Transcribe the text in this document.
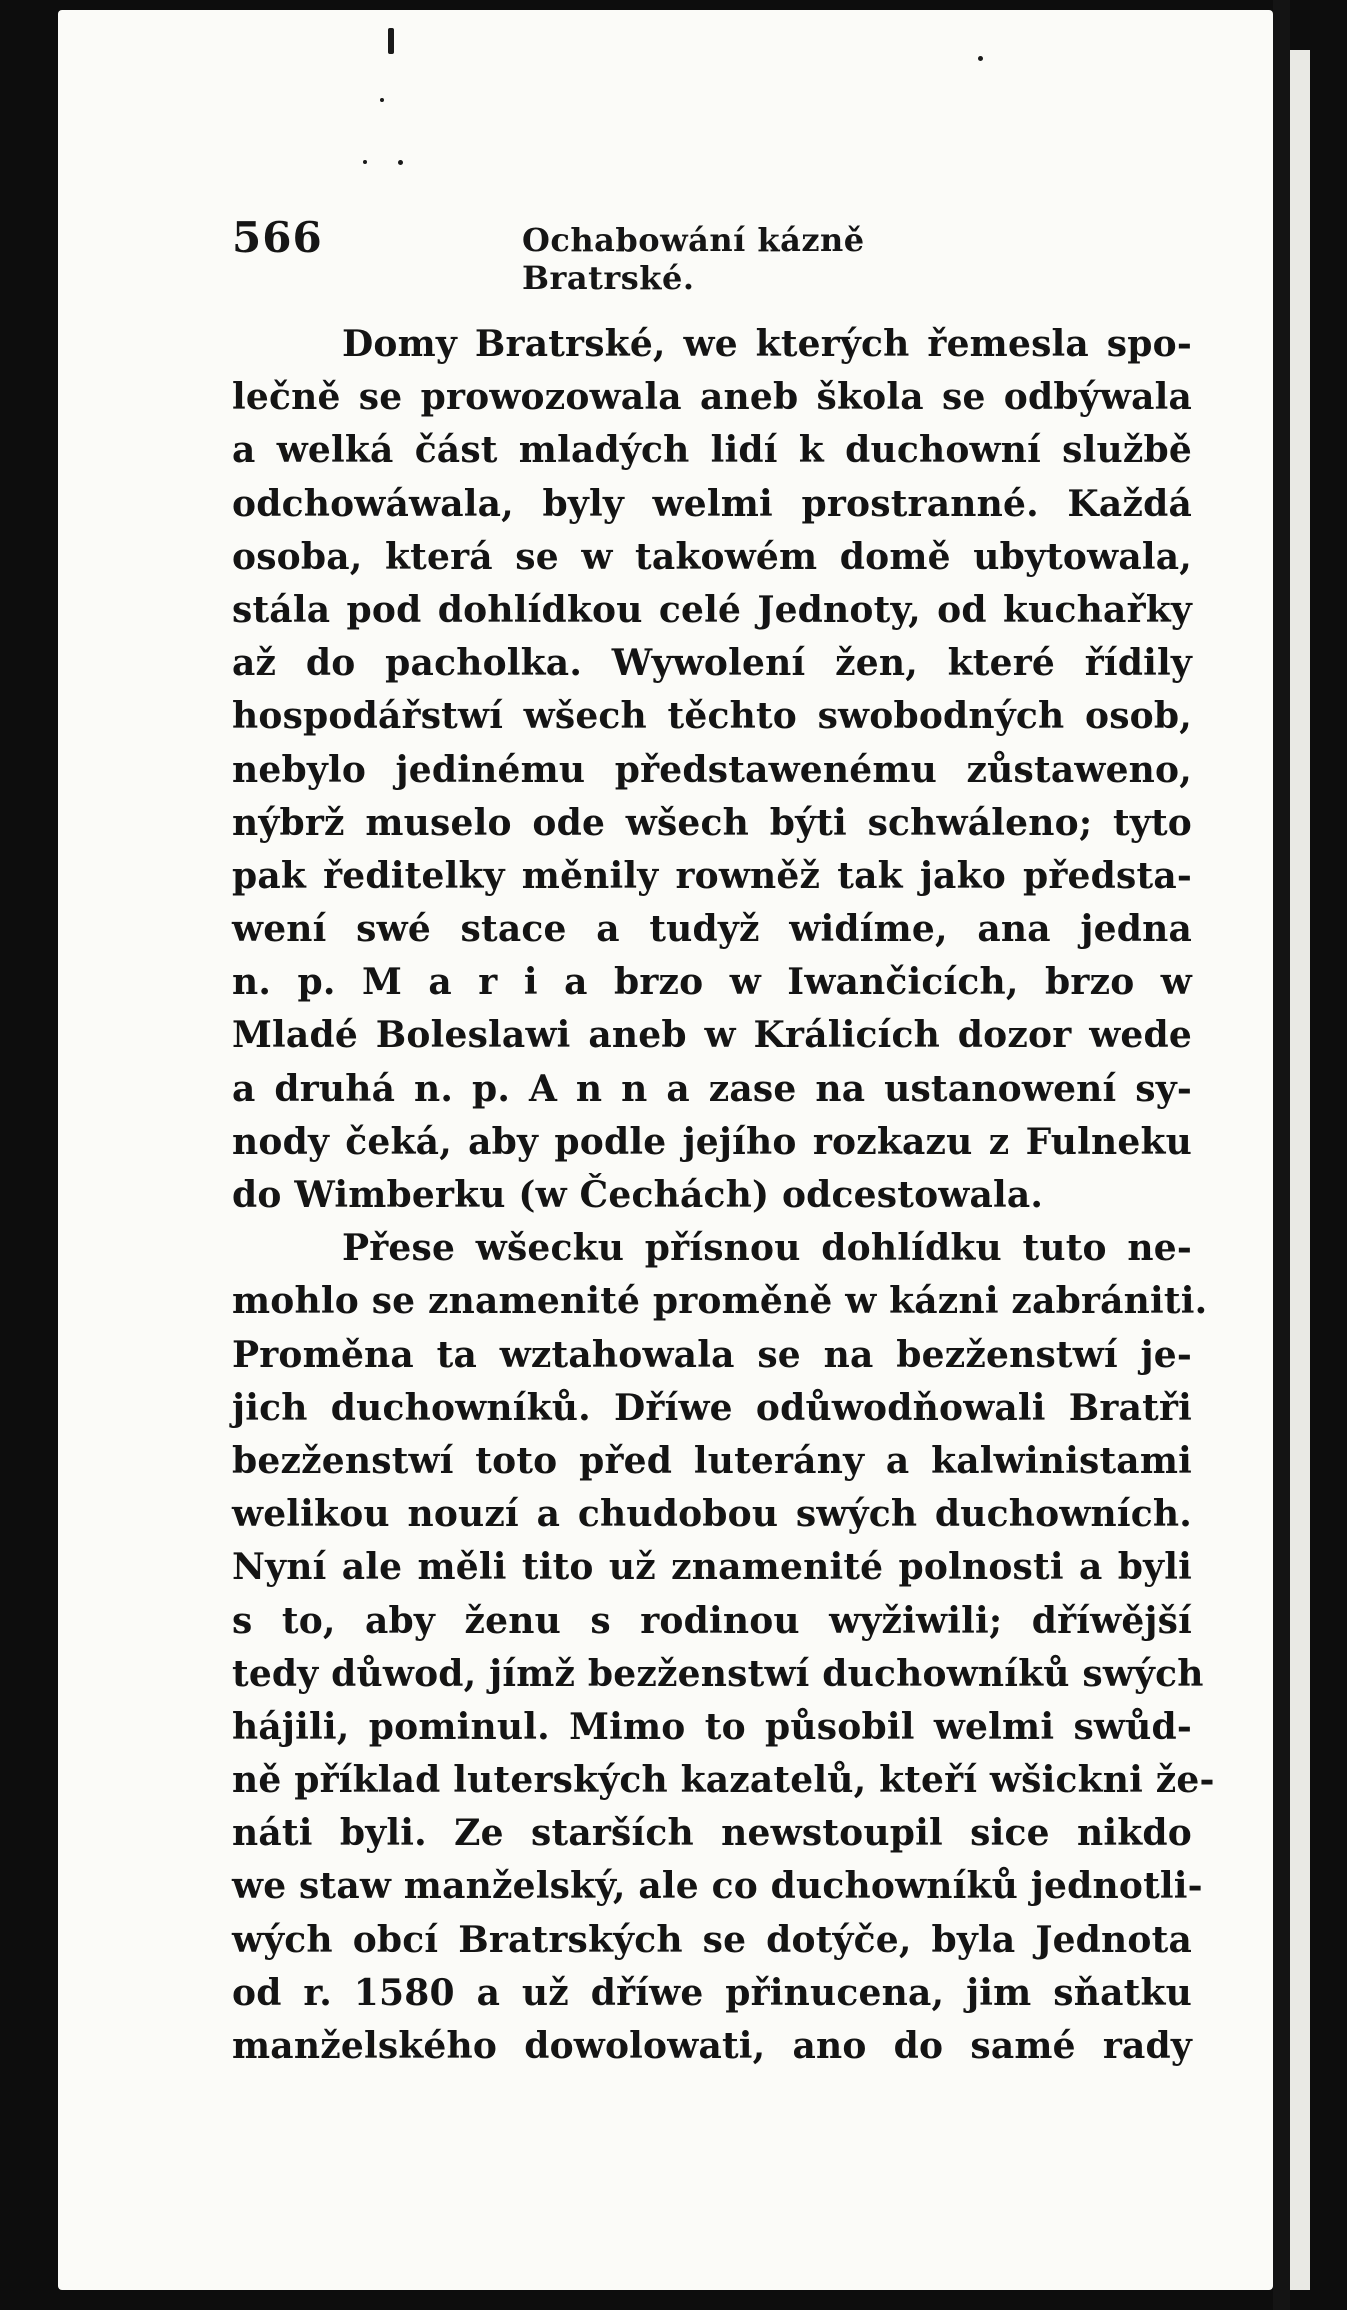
566	Ochabowání kázně Bratrské.
Domy Bratrské, we kterých řemesla spo-
lečně se prowozowala aneb škola se odbýwala
a welká část mladých lidí k duchowní službě
odchowáwala, byly welmi prostranné. Každá
osoba, která se w takowém domě ubytowala,
stála pod dohlídkou celé Jednoty, od kuchařky
až do pacholka. Wywolení žen, které řídily
hospodářstwí wšech těchto swobodných osob,
nebylo jedinému předstawenému zůstaweno,
nýbrž muselo ode wšech býti schwáleno; tyto
pak ředitelky měnily rowněž tak jako předsta-
wení swé stace a tudyž widíme, ana jedna
n. p. M a r i a brzo w Iwančicích, brzo w
Mladé Boleslawi aneb w Králicích dozor wede
a druhá n. p. A n n a zase na ustanowení sy-
nody čeká, aby podle jejího rozkazu z Fulneku
do Wimberku (w Čechách) odcestowala.
Přese wšecku přísnou dohlídku tuto ne-
mohlo se znamenité proměně w kázni zabrániti.
Proměna ta wztahowala se na bezženstwí je-
jich duchowníků. Dříwe odůwodňowali Bratři
bezženstwí toto před luterány a kalwinistami
welikou nouzí a chudobou swých duchowních.
Nyní ale měli tito už znamenité polnosti a byli
s to, aby ženu s rodinou wyžiwili; dříwější
tedy důwod, jímž bezženstwí duchowníků swých
hájili, pominul. Mimo to působil welmi swůd-
ně příklad luterských kazatelů, kteří wšickni že-
náti byli. Ze starších newstoupil sice nikdo
we staw manželský, ale co duchowníků jednotli-
wých obcí Bratrských se dotýče, byla Jednota
od r. 1580 a už dříwe přinucena, jim sňatku
manželského dowolowati, ano do samé rady
